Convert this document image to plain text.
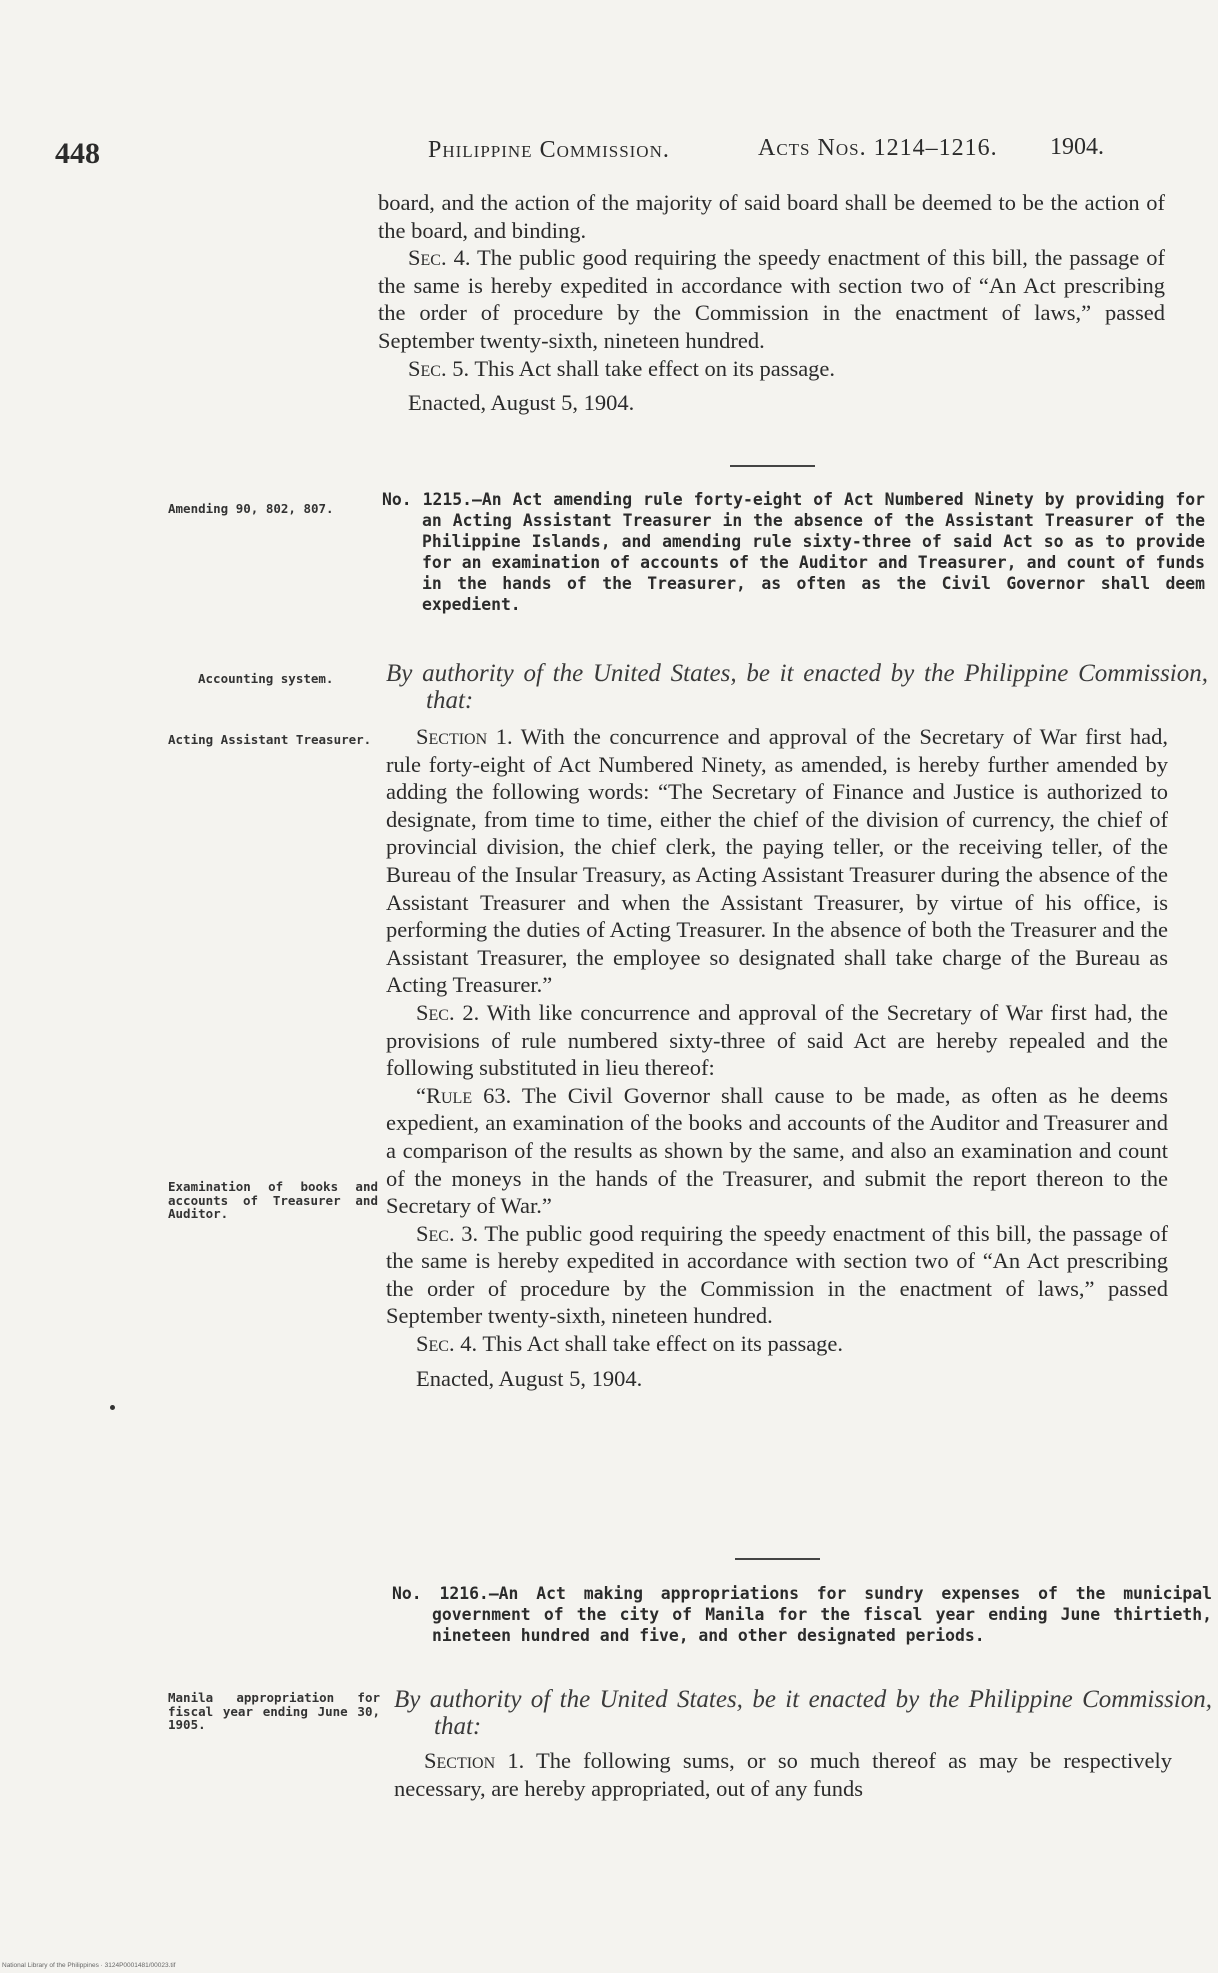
448	Philippine Commission.	Acts Nos. 1214–1216. 1904.

board, and the action of the majority of said board shall be deemed to be the action of the board, and binding.

Sec. 4. The public good requiring the speedy enactment of this bill, the passage of the same is hereby expedited in accordance with section two of “An Act prescribing the order of procedure by the Commission in the enactment of laws,” passed September twenty-sixth, nineteen hundred.

Sec. 5. This Act shall take effect on its passage.

Enacted, August 5, 1904.

Amending 90, 802, 807.	No. 1215.—An Act amending rule forty-eight of Act Numbered Ninety by providing for an Acting Assistant Treasurer in the absence of the Assistant Treasurer of the Philippine Islands, and amending rule sixty-three of said Act so as to provide for an examination of accounts of the Auditor and Treasurer, and count of funds in the hands of the Treasurer, as often as the Civil Governor shall deem expedient.
Accounting system.	By authority of the United States, be it enacted by the Philippine Commission, that:
Acting Assistant Treasurer.	Section 1. With the concurrence and approval of the Secretary of War first had, rule forty-eight of Act Numbered Ninety, as amended, is hereby further amended by adding the following words: “The Secretary of Finance and Justice is authorized to designate, from time to time, either the chief of the division of currency, the chief of provincial division, the chief clerk, the paying teller, or the receiving teller, of the Bureau of the Insular Treasury, as Acting Assistant Treasurer during the absence of the Assistant Treasurer and when the Assistant Treasurer, by virtue of his office, is performing the duties of Acting Treasurer. In the absence of both the Treasurer and the Assistant Treasurer, the employee so designated shall take charge of the Bureau as Acting Treasurer.”

Sec. 2. With like concurrence and approval of the Secretary of War first had, the provisions of rule numbered sixty-three of said Act are hereby repealed and the following substituted in lieu thereof:

“Rule 63. The Civil Governor shall cause to be made, as often as he deems expedient, an examination of the books and accounts of the Auditor and Treasurer and a comparison of the results as shown by the same, and also an examination and count of the moneys in the hands of the Treasurer, and submit the report thereon to the Secretary of War.”

Sec. 3. The public good requiring the speedy enactment of this bill, the passage of the same is hereby expedited in accordance with section two of “An Act prescribing the order of procedure by the Commission in the enactment of laws,” passed September twenty-sixth, nineteen hundred.

Sec. 4. This Act shall take effect on its passage.

Enacted, August 5, 1904.

Examination of books and accounts of Treasurer and Auditor.
No. 1216.—An Act making appropriations for sundry expenses of the municipal government of the city of Manila for the fiscal year ending June thirtieth, nineteen hundred and five, and other designated periods.
Manila appropriation for fiscal year ending June 30, 1905.
By authority of the United States, be it enacted by the Philippine Commission, that:

Section 1. The following sums, or so much thereof as may be respectively necessary, are hereby appropriated, out of any funds

National Library of the Philippines · 3124P0001481/00023.tif
